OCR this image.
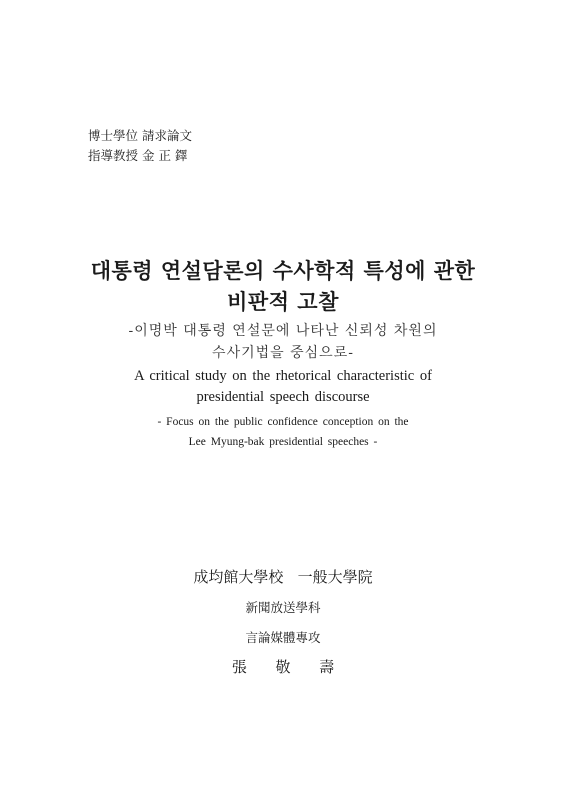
博士學位 請求論文
指導教授 金 正 鐸
대통령 연설담론의 수사학적 특성에 관한
비판적 고찰
-이명박 대통령 연설문에 나타난 신뢰성 차원의
수사기법을 중심으로-
A critical study on the rhetorical characteristic of
presidential speech discourse
- Focus on the public confidence conception on the
Lee Myung-bak presidential speeches -
成均館大學校   一般大學院
新聞放送學科
言論媒體專攻
張      敬      壽
